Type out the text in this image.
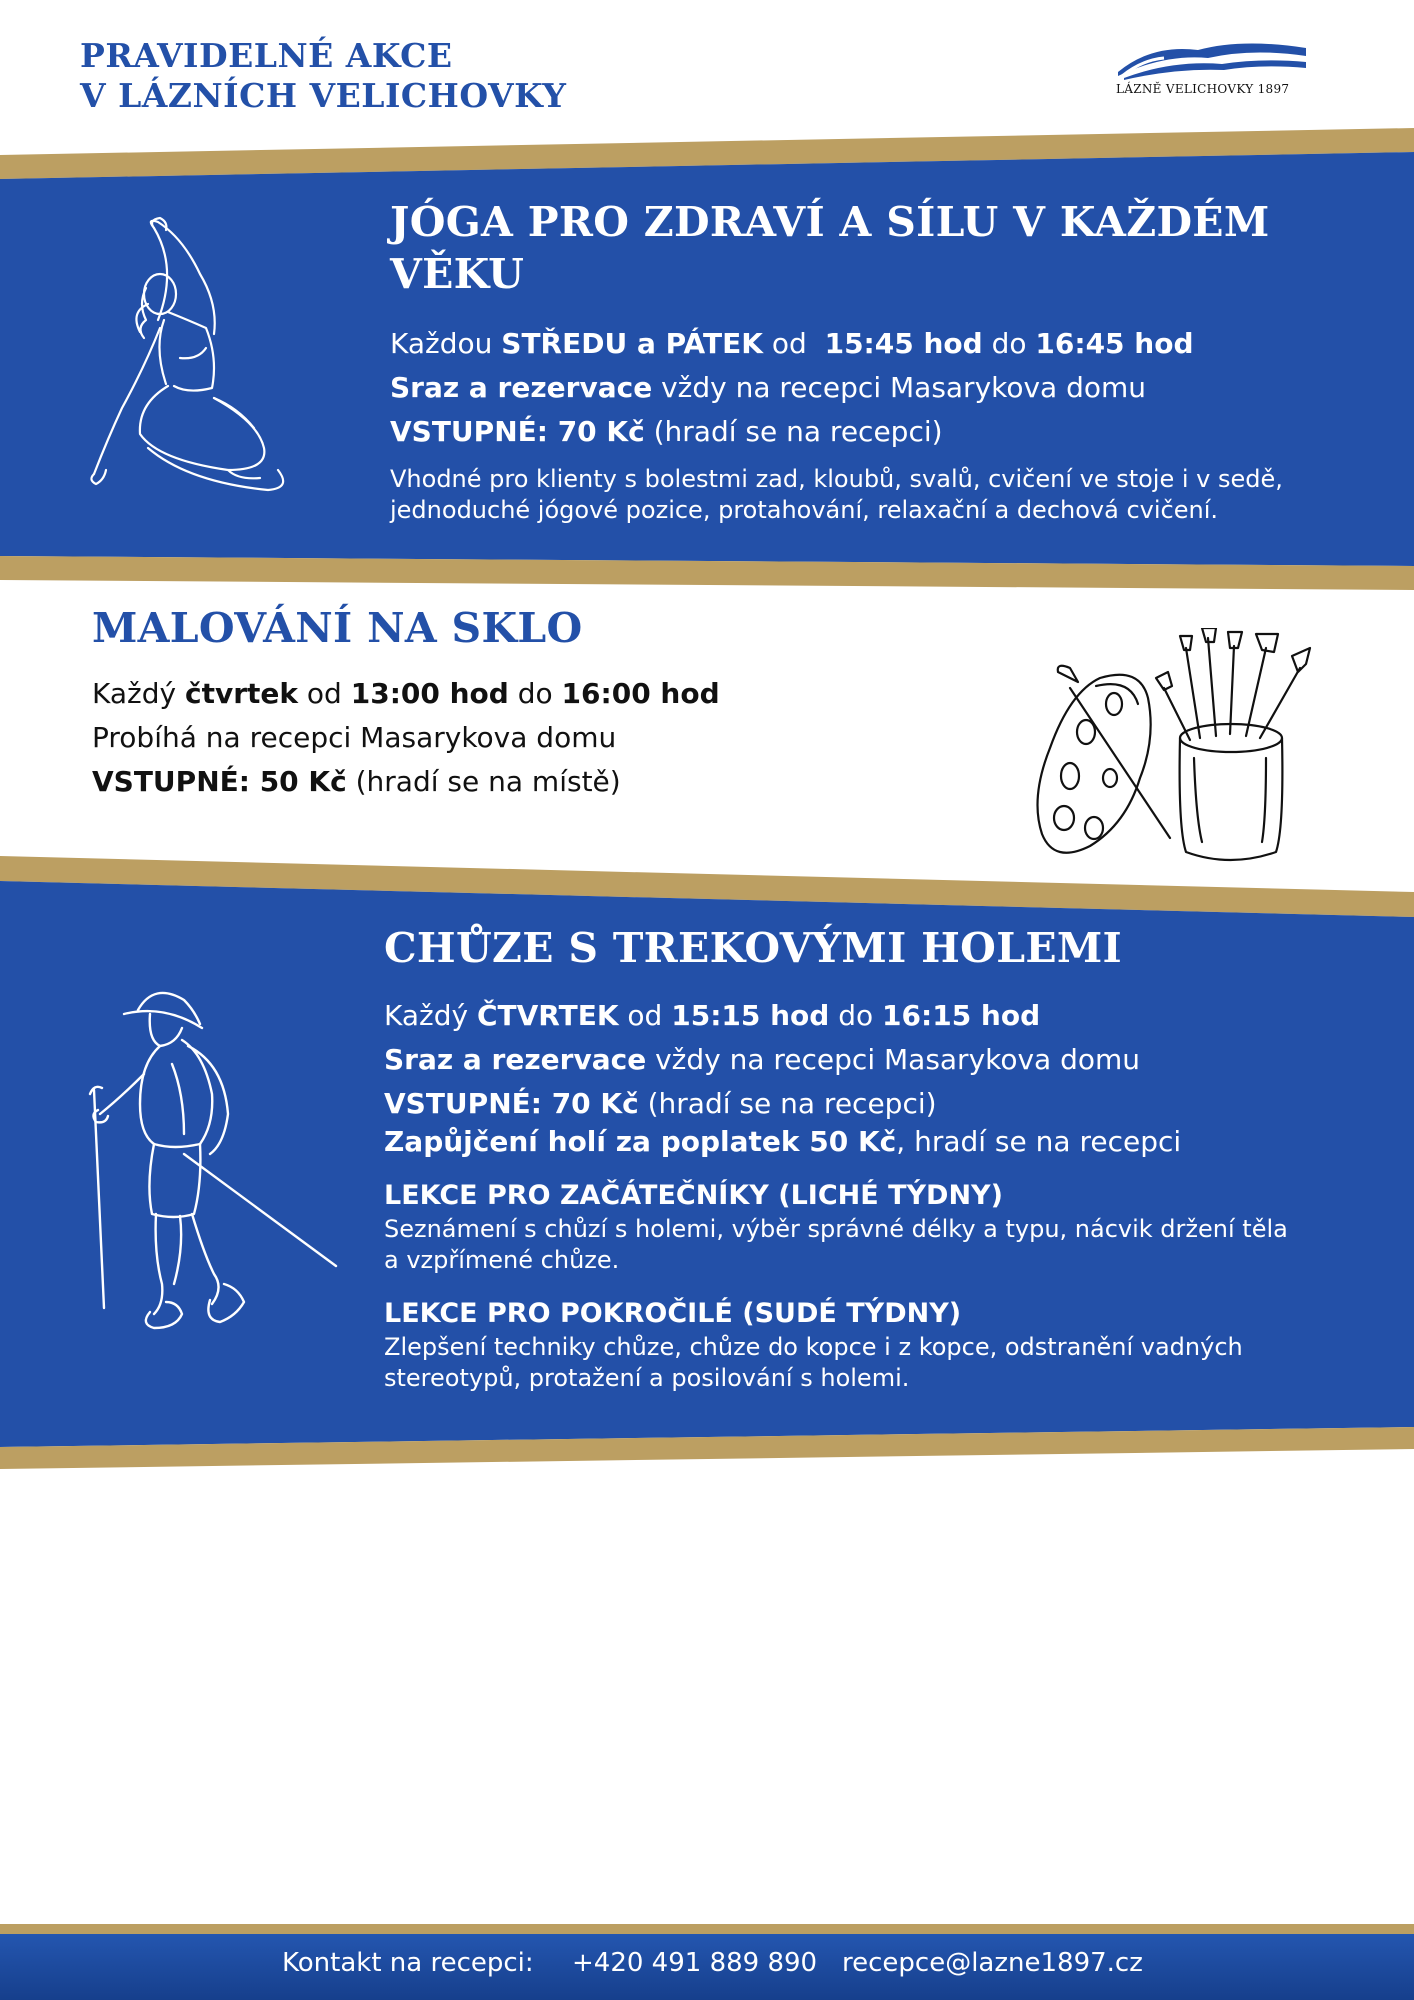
PRAVIDELNÉ AKCE
V LÁZNÍCH VELICHOVKY	LÁZNĚ VELICHOVKY 1897
JÓGA PRO ZDRAVÍ A SÍLU V KAŽDÉM
VĚKU
Každou STŘEDU a PÁTEK od  15:45 hod do 16:45 hod
Sraz a rezervace vždy na recepci Masarykova domu
VSTUPNÉ: 70 Kč (hradí se na recepci)
Vhodné pro klienty s bolestmi zad, kloubů, svalů, cvičení ve stoje i v sedě,
jednoduché jógové pozice, protahování, relaxační a dechová cvičení.
MALOVÁNÍ NA SKLO
Každý čtvrtek od 13:00 hod do 16:00 hod
Probíhá na recepci Masarykova domu
VSTUPNÉ: 50 Kč (hradí se na místě)
CHŮZE S TREKOVÝMI HOLEMI
Každý ČTVRTEK od 15:15 hod do 16:15 hod
Sraz a rezervace vždy na recepci Masarykova domu
VSTUPNÉ: 70 Kč (hradí se na recepci)
Zapůjčení holí za poplatek 50 Kč, hradí se na recepci
LEKCE PRO ZAČÁTEČNÍKY (LICHÉ TÝDNY)
Seznámení s chůzí s holemi, výběr správné délky a typu, nácvik držení těla
a vzpřímené chůze.
LEKCE PRO POKROČILÉ (SUDÉ TÝDNY)
Zlepšení techniky chůze, chůze do kopce i z kopce, odstranění vadných
stereotypů, protažení a posilování s holemi.
Kontakt na recepci: +420 491 889 890 recepce@lazne1897.cz
